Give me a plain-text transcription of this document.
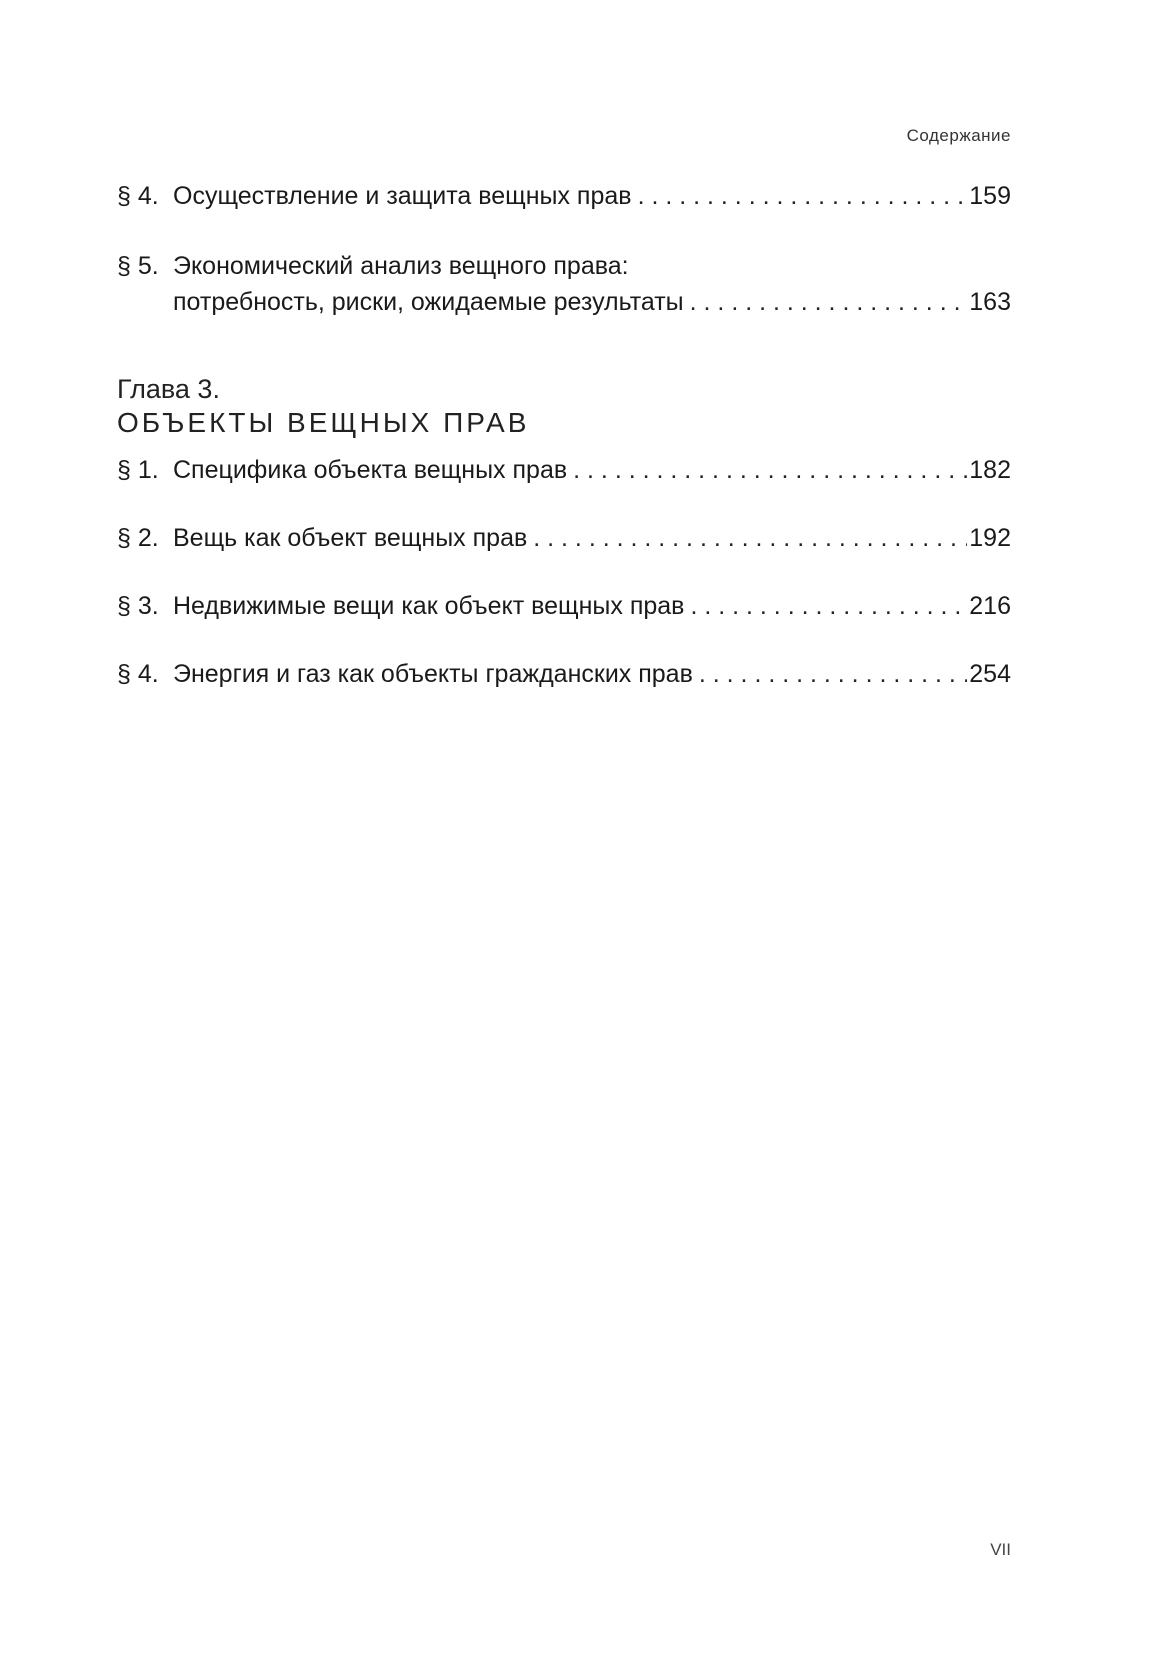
Содержание
§ 4. Осуществление и защита вещных прав . . .	159
§ 5. Экономический анализ вещного права:
потребность, риски, ожидаемые результаты . . .	163
Глава 3.
ОБЪЕКТЫ ВЕЩНЫХ ПРАВ
§ 1. Специфика объекта вещных прав . . .	182
§ 2. Вещь как объект вещных прав . . .	192
§ 3. Недвижимые вещи как объект вещных прав . . .	216
§ 4. Энергия и газ как объекты гражданских прав . . .	254
VII
